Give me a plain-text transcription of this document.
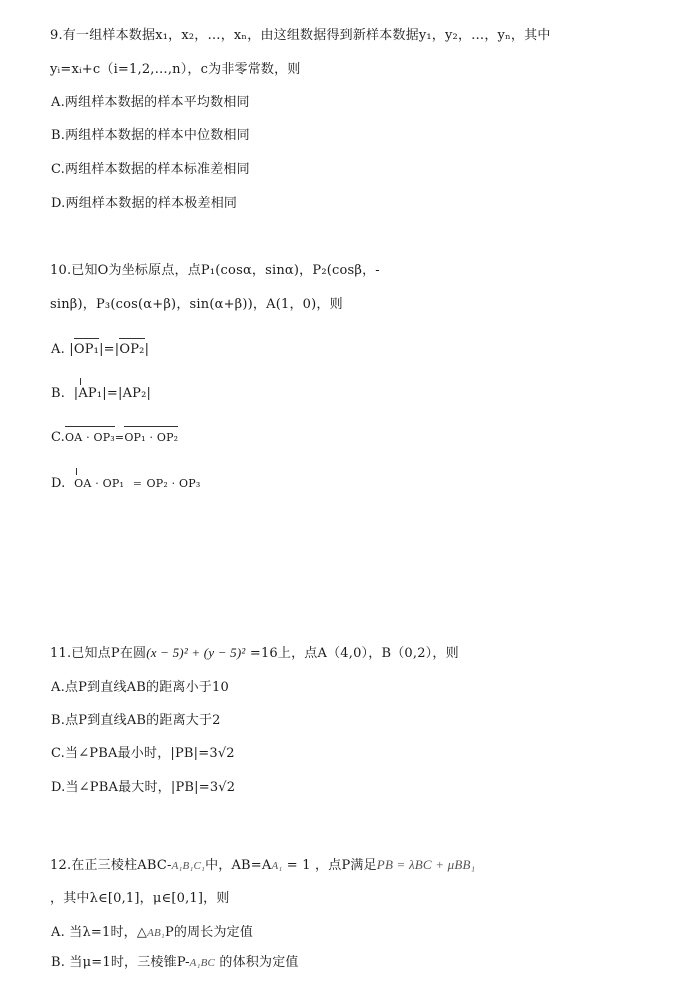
9.有一组样本数据x₁，x₂，…，xₙ，由这组数据得到新样本数据y₁，y₂，…，yₙ，其中
yᵢ=xᵢ+c（i=1,2,…,n），c为非零常数，则
A.两组样本数据的样本平均数相同
B.两组样本数据的样本中位数相同
C.两组样本数据的样本标准差相同
D.两组样本数据的样本极差相同
10.已知O为坐标原点，点P₁(cosα，sinα)，P₂(cosβ，-
sinβ)，P₃(cos(α+β)，sin(α+β))，A(1，0)，则
A. |OP₁|=|OP₂|
B.  |AP₁|=|AP₂|
C.OA · OP₃=OP₁ · OP₂
D. OA · OP₁ = OP₂ · OP₃
11.已知点P在圆(x − 5)² + (y − 5)² =16上，点A（4,0），B（0,2），则
A.点P到直线AB的距离小于10
B.点P到直线AB的距离大于2
C.当∠PBA最小时，|PB|=3√2
D.当∠PBA最大时，|PB|=3√2
12.在正三棱柱ABC-A₁B₁C₁中，AB=AA₁ = 1 ，点P满足PB = λBC + μBB₁
，其中λ∈[0,1]，μ∈[0,1]，则
A. 当λ=1时，△AB₁P的周长为定值
B. 当μ=1时，三棱锥P-A₁BC 的体积为定值
